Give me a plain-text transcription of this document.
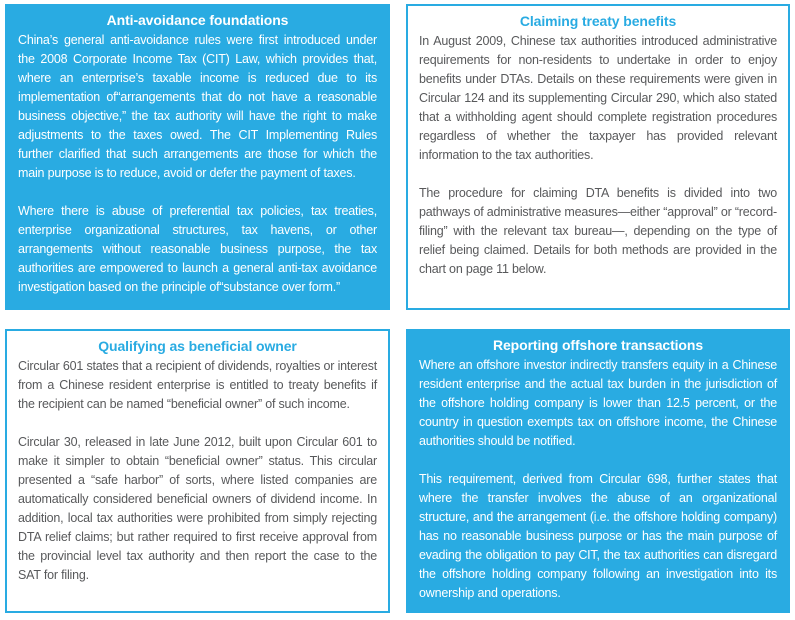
Anti-avoidance foundations

China’s general anti-avoidance rules were first introduced under the 2008 Corporate Income Tax (CIT) Law, which provides that, where an enterprise’s taxable income is reduced due to its implementation of“arrangements that do not have a reasonable business objective,” the tax authority will have the right to make adjustments to the taxes owed. The CIT Implementing Rules further clarified that such arrangements are those for which the main purpose is to reduce, avoid or defer the payment of taxes.

Where there is abuse of preferential tax policies, tax treaties, enterprise organizational structures, tax havens, or other arrangements without reasonable business purpose, the tax authorities are empowered to launch a general anti-tax avoidance investigation based on the principle of“substance over form.”

Claiming treaty benefits

In August 2009, Chinese tax authorities introduced administrative requirements for non-residents to undertake in order to enjoy benefits under DTAs. Details on these requirements were given in Circular 124 and its supplementing Circular 290, which also stated that a withholding agent should complete registration procedures regardless of whether the taxpayer has provided relevant information to the tax authorities.

The procedure for claiming DTA benefits is divided into two pathways of administrative measures—either “approval” or “record-filing” with the relevant tax bureau—, depending on the type of relief being claimed. Details for both methods are provided in the chart on page 11 below.

Qualifying as beneficial owner

Circular 601 states that a recipient of dividends, royalties or interest from a Chinese resident enterprise is entitled to treaty benefits if the recipient can be named “beneficial owner” of such income.

Circular 30, released in late June 2012, built upon Circular 601 to make it simpler to obtain “beneficial owner” status. This circular presented a “safe harbor” of sorts, where listed companies are automatically considered beneficial owners of dividend income. In addition, local tax authorities were prohibited from simply rejecting DTA relief claims; but rather required to first receive approval from the provincial level tax authority and then report the case to the SAT for filing.

Reporting offshore transactions

Where an offshore investor indirectly transfers equity in a Chinese resident enterprise and the actual tax burden in the jurisdiction of the offshore holding company is lower than 12.5 percent, or the country in question exempts tax on offshore income, the Chinese authorities should be notified.

This requirement, derived from Circular 698, further states that where the transfer involves the abuse of an organizational structure, and the arrangement (i.e. the offshore holding company) has no reasonable business purpose or has the main purpose of evading the obligation to pay CIT, the tax authorities can disregard the offshore holding company following an investigation into its ownership and operations.
